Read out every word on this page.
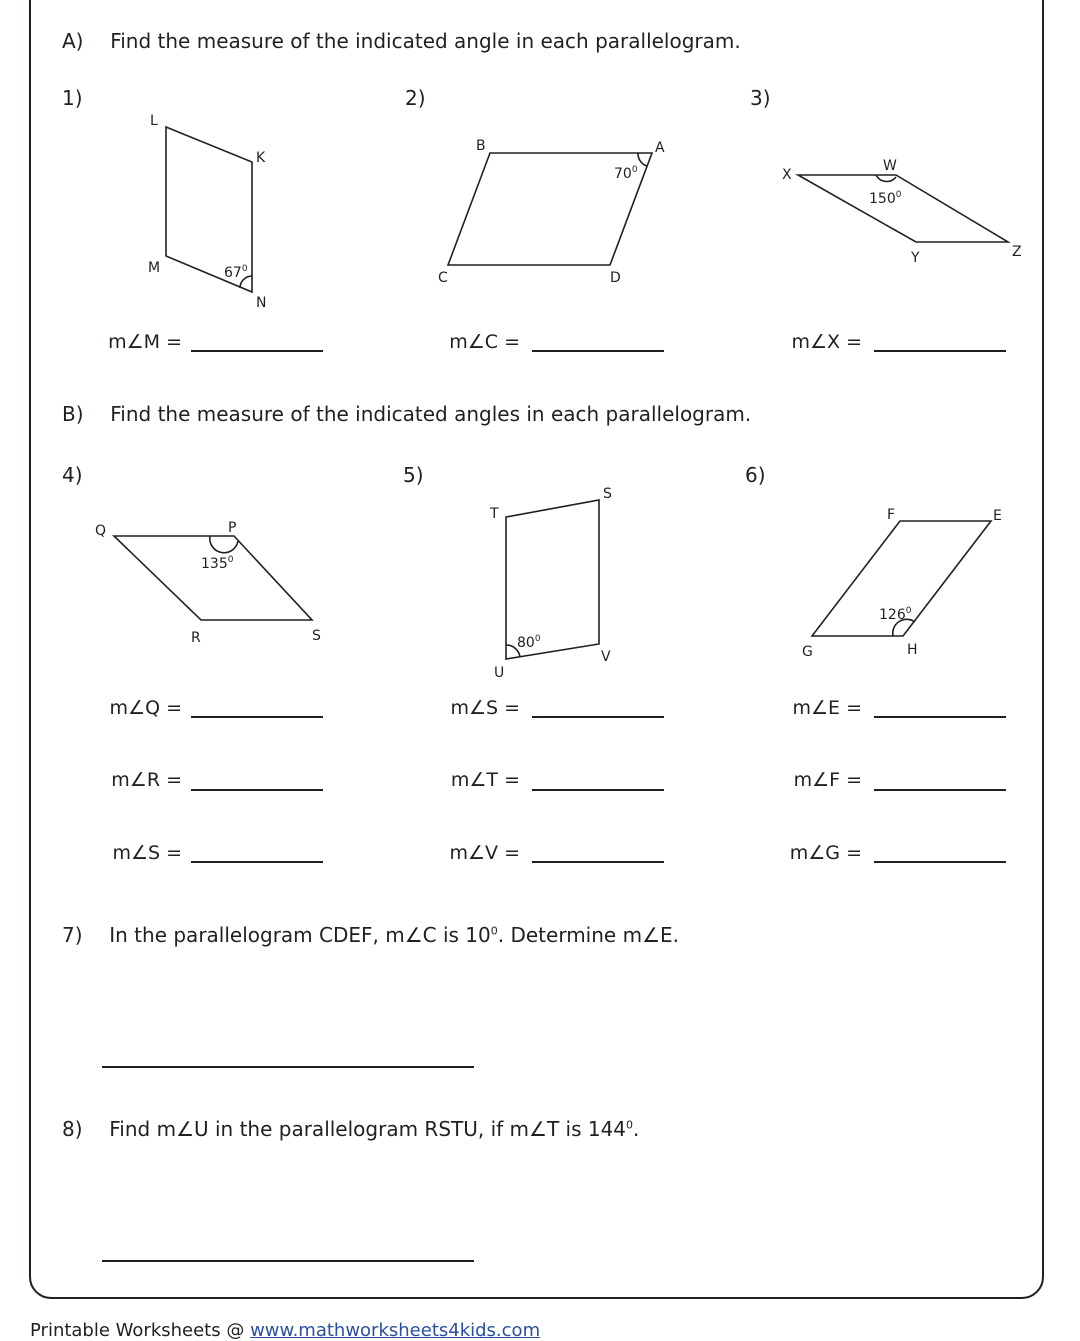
A) Find the measure of the indicated angle in each parallelogram.
1)	2)	3)
L
K
M
N
$67^0$
B	A
C	D
$70^0$	X
W
Y	Z
$150^0$
Q	P
R	S
$135^0$
T
S
U
V
$80^0$
F	E
G	H
$126^0$
m∠M =	m∠C =	m∠X =
B) Find the measure of the indicated angles in each parallelogram.
4)	5)	6)
m∠Q =	m∠S =	m∠E =
m∠R =	m∠T =	m∠F =
m∠S =	m∠V =	m∠G =
7) In the parallelogram CDEF, m∠C is $10^0$. Determine m∠E.
8) Find m∠U in the parallelogram RSTU, if m∠T is $144^0$.
Printable Worksheets @ www.mathworksheets4kids.com
